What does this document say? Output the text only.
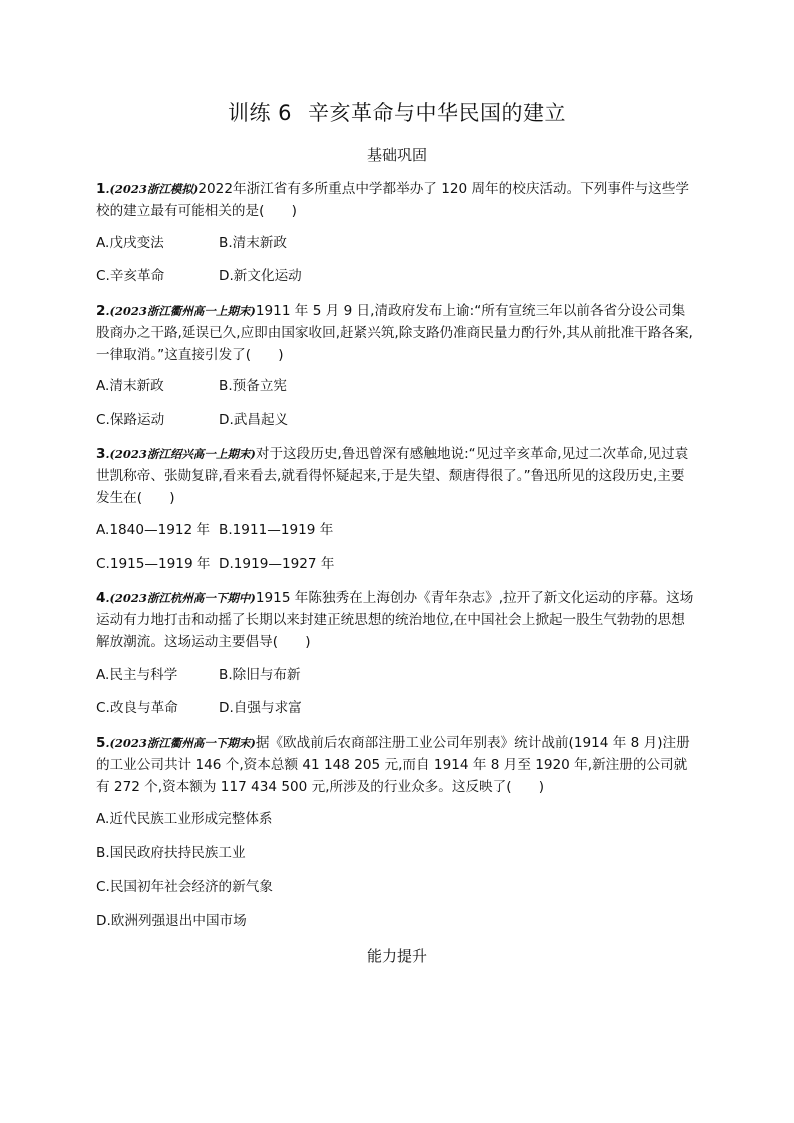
训练 6 辛亥革命与中华民国的建立
基础巩固
1.(2023浙江模拟)2022年浙江省有多所重点中学都举办了 120 周年的校庆活动。下列事件与这些学校的建立最有可能相关的是(　　)
A.戊戌变法	B.清末新政
C.辛亥革命	D.新文化运动
2.(2023浙江衢州高一上期末)1911 年 5 月 9 日,清政府发布上谕:“所有宣统三年以前各省分设公司集股商办之干路,延误已久,应即由国家收回,赶紧兴筑,除支路仍准商民量力酌行外,其从前批准干路各案,一律取消。”这直接引发了(　　)
A.清末新政	B.预备立宪
C.保路运动	D.武昌起义
3.(2023浙江绍兴高一上期末)对于这段历史,鲁迅曾深有感触地说:“见过辛亥革命,见过二次革命,见过袁世凯称帝、张勋复辟,看来看去,就看得怀疑起来,于是失望、颓唐得很了。”鲁迅所见的这段历史,主要发生在(　　)
A.1840—1912 年 B.1911—1919 年
C.1915—1919 年 D.1919—1927 年
4.(2023浙江杭州高一下期中)1915 年陈独秀在上海创办《青年杂志》,拉开了新文化运动的序幕。这场运动有力地打击和动摇了长期以来封建正统思想的统治地位,在中国社会上掀起一股生气勃勃的思想解放潮流。这场运动主要倡导(　　)
A.民主与科学	B.除旧与布新
C.改良与革命	D.自强与求富
5.(2023浙江衢州高一下期末)据《欧战前后农商部注册工业公司年别表》统计战前(1914 年 8 月)注册的工业公司共计 146 个,资本总额 41 148 205 元,而自 1914 年 8 月至 1920 年,新注册的公司就有 272 个,资本额为 117 434 500 元,所涉及的行业众多。这反映了(　　)
A.近代民族工业形成完整体系
B.国民政府扶持民族工业
C.民国初年社会经济的新气象
D.欧洲列强退出中国市场
能力提升
